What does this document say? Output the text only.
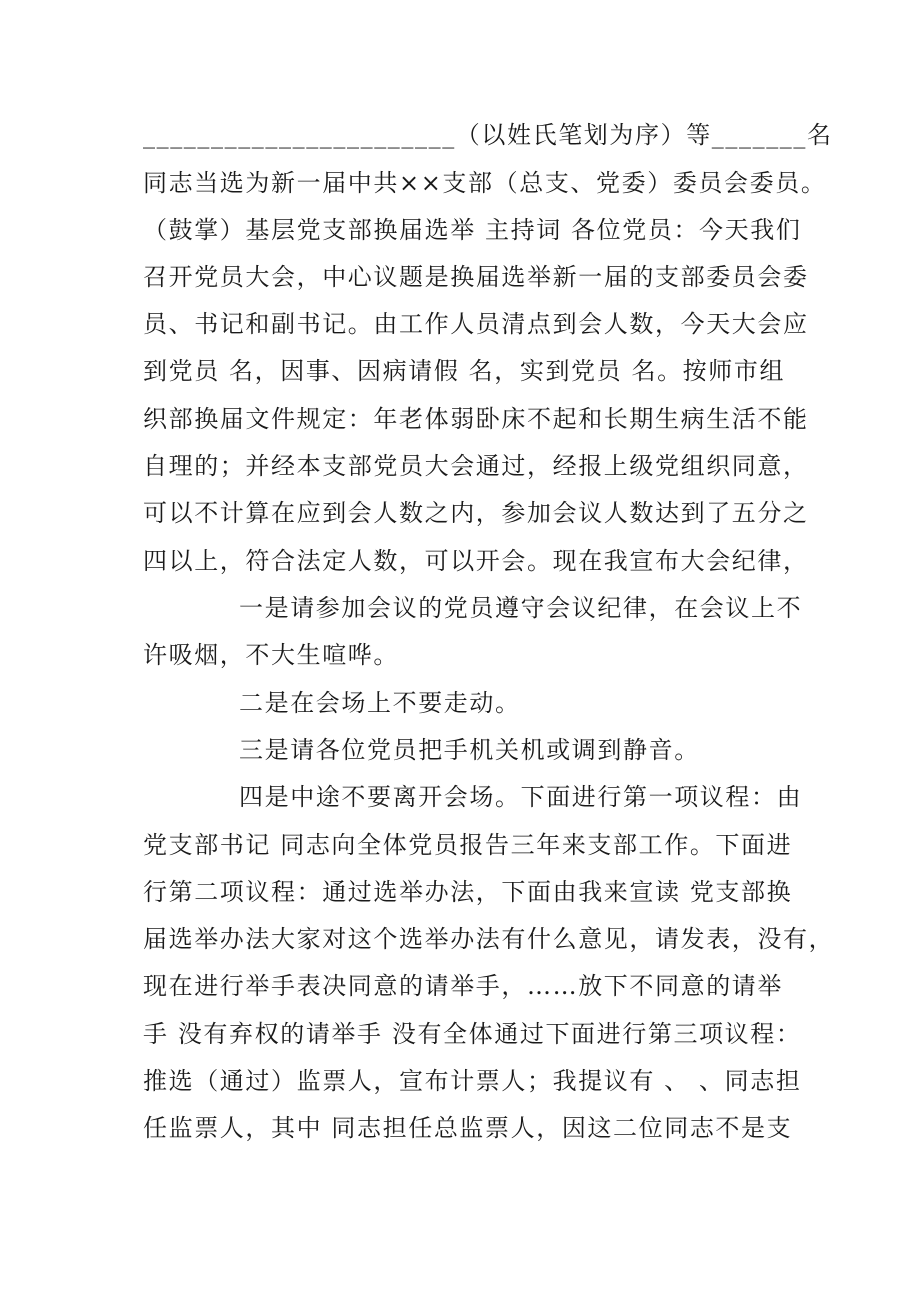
_______________________（以姓氏笔划为序）等_______名
同志当选为新一届中共××支部（总支、党委）委员会委员。
（鼓掌）基层党支部换届选举 主持词 各位党员：今天我们
召开党员大会，中心议题是换届选举新一届的支部委员会委
员、书记和副书记。由工作人员清点到会人数，今天大会应
到党员 名，因事、因病请假 名，实到党员 名。按师市组
织部换届文件规定：年老体弱卧床不起和长期生病生活不能
自理的；并经本支部党员大会通过，经报上级党组织同意，
可以不计算在应到会人数之内，参加会议人数达到了五分之
四以上，符合法定人数，可以开会。现在我宣布大会纪律，
一是请参加会议的党员遵守会议纪律，在会议上不
许吸烟，不大生喧哗。
二是在会场上不要走动。
三是请各位党员把手机关机或调到静音。
四是中途不要离开会场。下面进行第一项议程：由
党支部书记 同志向全体党员报告三年来支部工作。下面进
行第二项议程：通过选举办法，下面由我来宣读 党支部换
届选举办法大家对这个选举办法有什么意见，请发表，没有，
现在进行举手表决同意的请举手，……放下不同意的请举
手 没有弃权的请举手 没有全体通过下面进行第三项议程：
推选（通过）监票人，宣布计票人；我提议有 、 、同志担
任监票人，其中 同志担任总监票人，因这二位同志不是支
